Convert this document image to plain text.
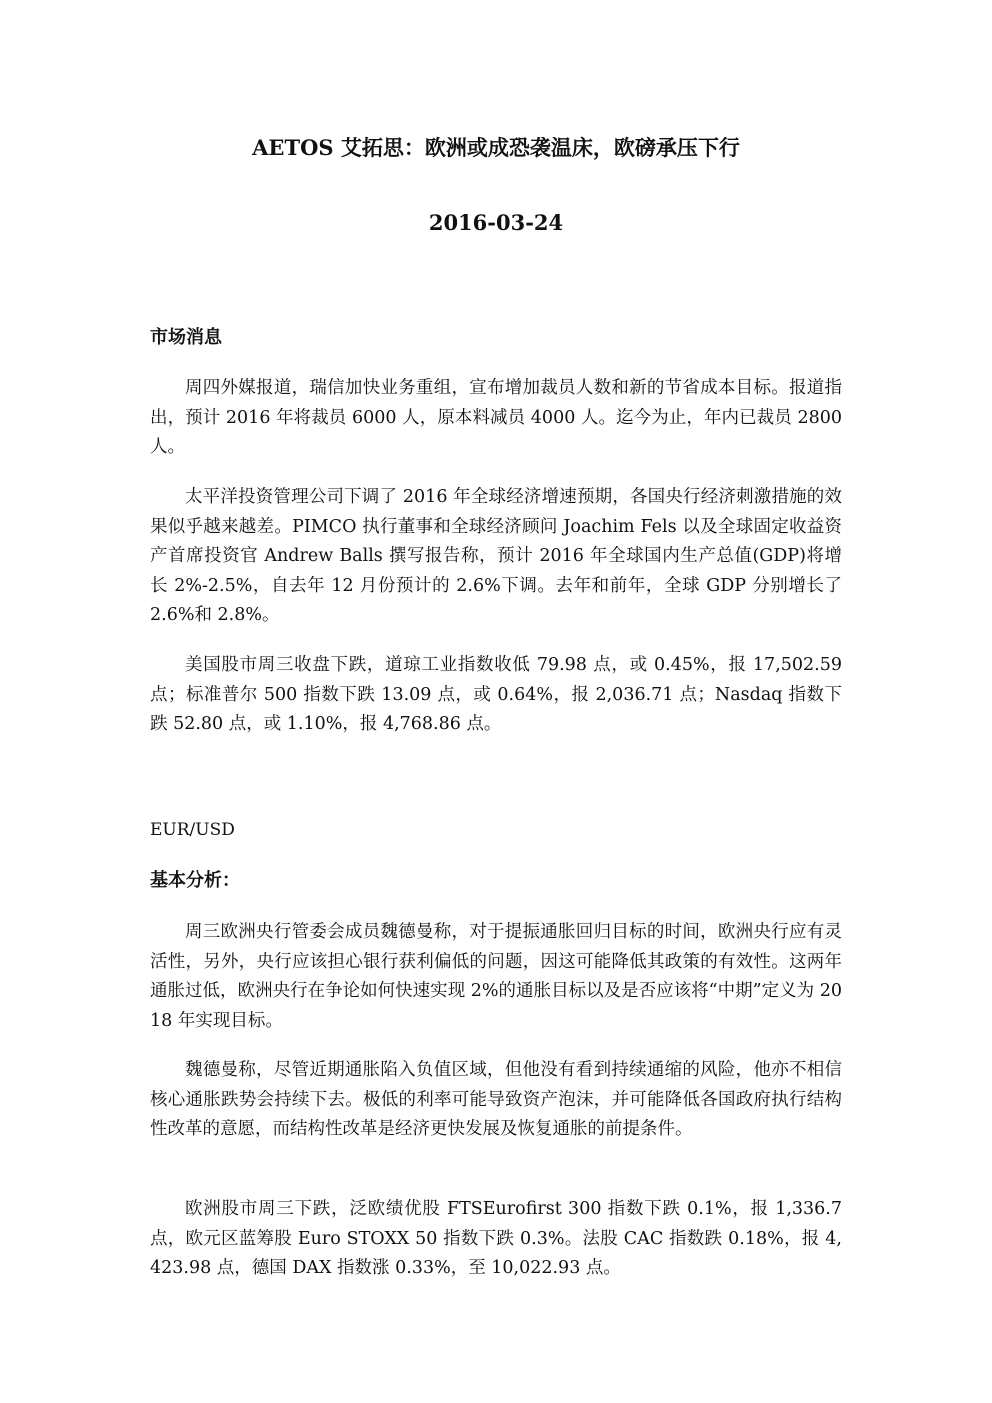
AETOS 艾拓思：欧洲或成恐袭温床，欧磅承压下行
2016-03-24
市场消息

周四外媒报道，瑞信加快业务重组，宣布增加裁员人数和新的节省成本目标。报道指出，预计 2016 年将裁员 6000 人，原本料减员 4000 人。迄今为止，年内已裁员 2800 人。

太平洋投资管理公司下调了 2016 年全球经济增速预期，各国央行经济刺激措施的效果似乎越来越差。PIMCO 执行董事和全球经济顾问 Joachim Fels 以及全球固定收益资产首席投资官 Andrew Balls 撰写报告称，预计 2016 年全球国内生产总值(GDP)将增长 2%-2.5%，自去年 12 月份预计的 2.6%下调。去年和前年，全球 GDP 分别增长了 2.6%和 2.8%。

美国股市周三收盘下跌，道琼工业指数收低 79.98 点，或 0.45%，报 17,502.59 点；标准普尔 500 指数下跌 13.09 点，或 0.64%，报 2,036.71 点；Nasdaq 指数下跌 52.80 点，或 1.10%，报 4,768.86 点。

EUR/USD
基本分析：

周三欧洲央行管委会成员魏德曼称，对于提振通胀回归目标的时间，欧洲央行应有灵活性，另外，央行应该担心银行获利偏低的问题，因这可能降低其政策的有效性。这两年通胀过低，欧洲央行在争论如何快速实现 2%的通胀目标以及是否应该将“中期”定义为 2018 年实现目标。

魏德曼称，尽管近期通胀陷入负值区域，但他没有看到持续通缩的风险，他亦不相信核心通胀跌势会持续下去。极低的利率可能导致资产泡沫，并可能降低各国政府执行结构性改革的意愿，而结构性改革是经济更快发展及恢复通胀的前提条件。

欧洲股市周三下跌，泛欧绩优股 FTSEurofirst 300 指数下跌 0.1%，报 1,336.7 点，欧元区蓝筹股 Euro STOXX 50 指数下跌 0.3%。法股 CAC 指数跌 0.18%，报 4,423.98 点，德国 DAX 指数涨 0.33%，至 10,022.93 点。
